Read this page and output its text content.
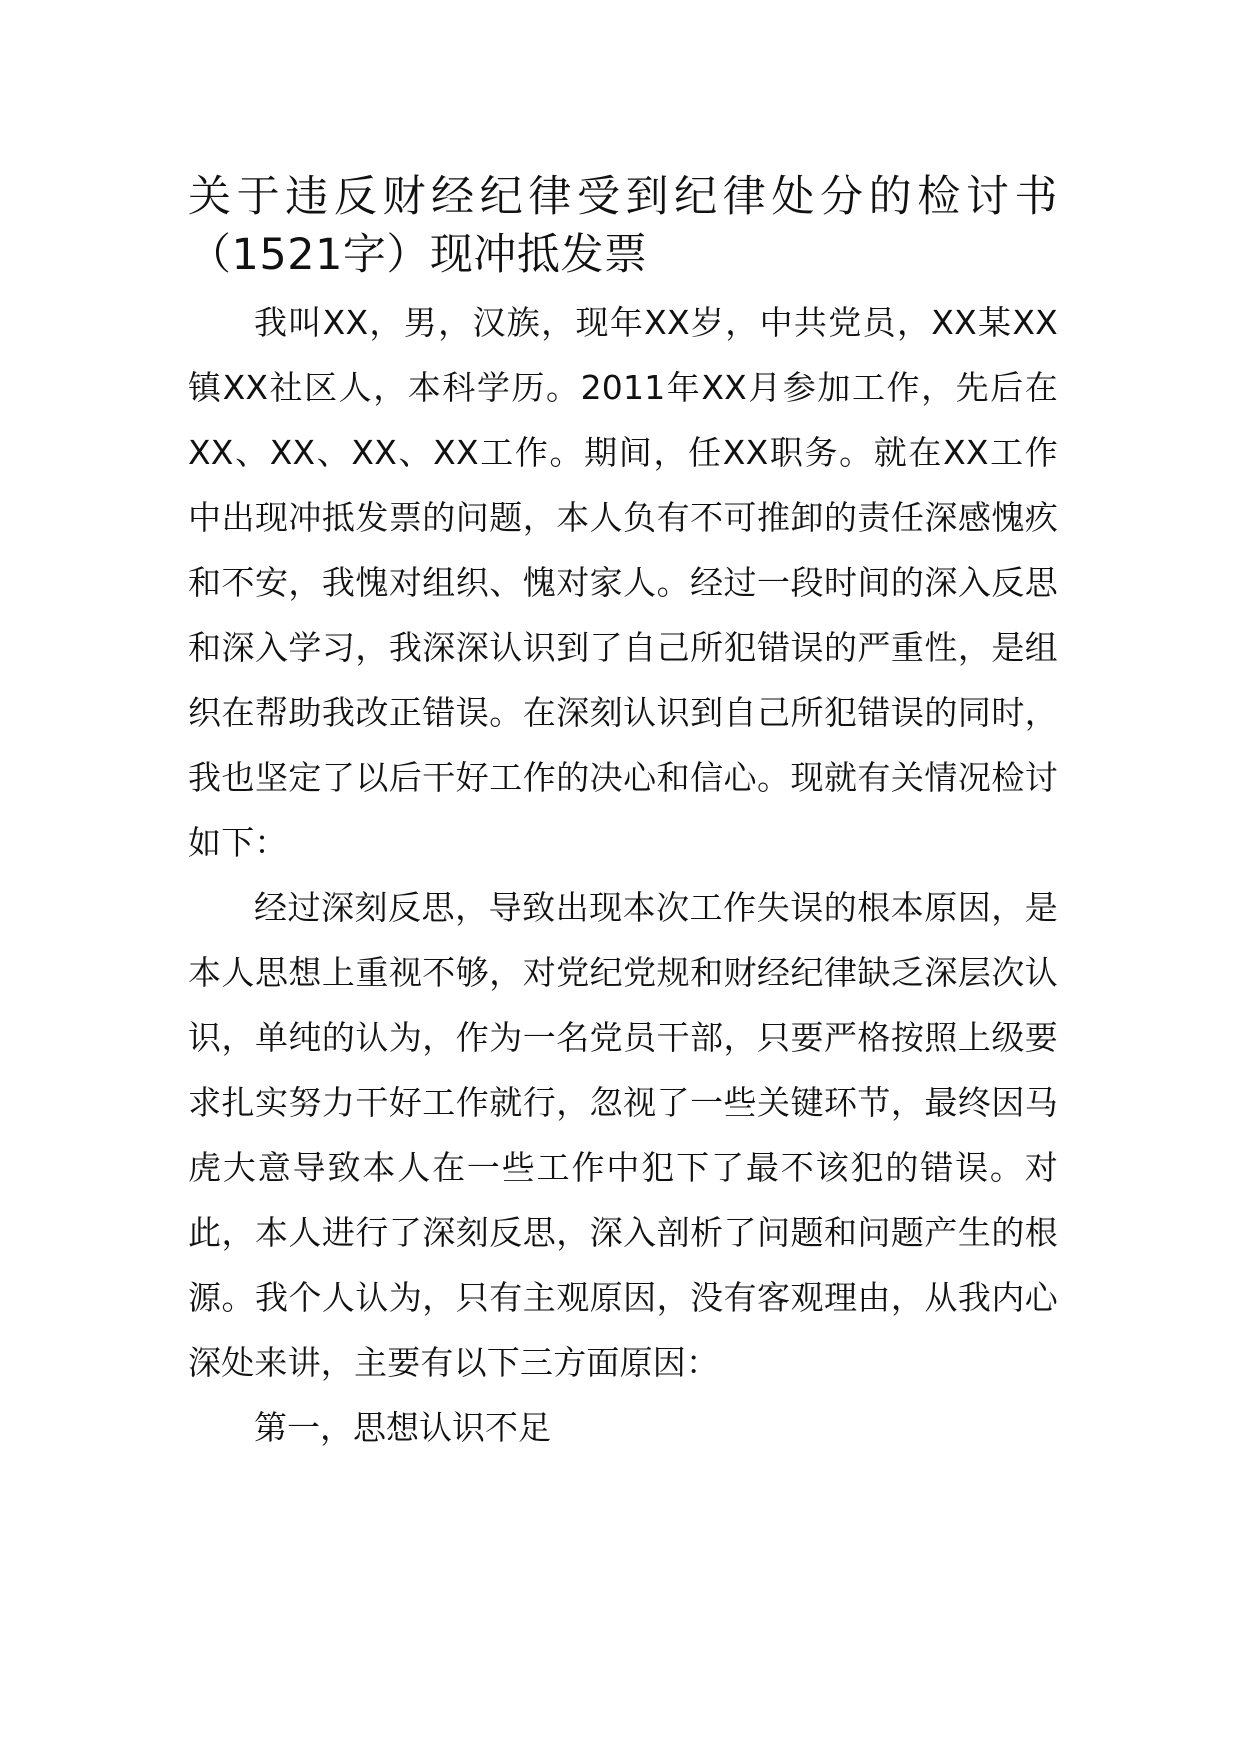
关于违反财经纪律受到纪律处分的检讨书（1521字）现冲抵发票

我叫XX，男，汉族，现年XX岁，中共党员，XX某XX镇XX社区人，本科学历。2011年XX月参加工作，先后在XX、XX、XX、XX工作。期间，任XX职务。就在XX工作中出现冲抵发票的问题，本人负有不可推卸的责任深感愧疚和不安，我愧对组织、愧对家人。经过一段时间的深入反思和深入学习，我深深认识到了自己所犯错误的严重性，是组织在帮助我改正错误。在深刻认识到自己所犯错误的同时，我也坚定了以后干好工作的决心和信心。现就有关情况检讨如下：

经过深刻反思，导致出现本次工作失误的根本原因，是本人思想上重视不够，对党纪党规和财经纪律缺乏深层次认识，单纯的认为，作为一名党员干部，只要严格按照上级要求扎实努力干好工作就行，忽视了一些关键环节，最终因马虎大意导致本人在一些工作中犯下了最不该犯的错误。对此，本人进行了深刻反思，深入剖析了问题和问题产生的根源。我个人认为，只有主观原因，没有客观理由，从我内心深处来讲，主要有以下三方面原因：

第一，思想认识不足
